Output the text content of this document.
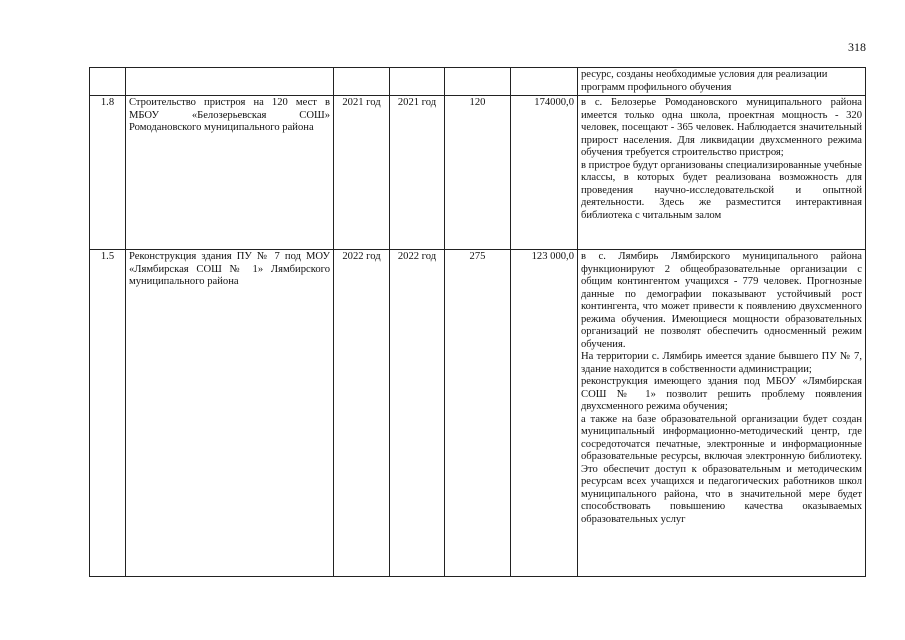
318

						ресурс, созданы необходимые условия для реализации
программ профильного обучения

1.8	Строительство пристроя на 120 мест в МБОУ «Белозерьевская СОШ» Ромодановского муниципального района	2021 год	2021 год	120	174000,0	в с. Белозерье Ромодановского муниципального района имеется только одна школа, проектная мощность - 320 человек, посещают - 365 человек. Наблюдается значительный прирост населения. Для ликвидации двухсменного режима обучения требуется строительство пристроя;
в пристрое будут организованы специализированные учебные классы, в которых будет реализована возможность для проведения научно-исследовательской и опытной деятельности. Здесь же разместится интерактивная библиотека с читальным залом

1.5	Реконструкция здания ПУ № 7 под МОУ «Лямбирская СОШ № 1» Лямбирского муниципального района	2022 год	2022 год	275	123 000,0	в с. Лямбирь Лямбирского муниципального района функционируют 2 общеобразовательные организации с общим контингентом учащихся - 779 человек. Прогнозные данные по демографии показывают устойчивый рост контингента, что может привести к появлению двухсменного режима обучения. Имеющиеся мощности образовательных организаций не позволят обеспечить односменный режим обучения.
На территории с. Лямбирь имеется здание бывшего ПУ № 7, здание находится в собственности администрации;
реконструкция имеющего здания под МБОУ «Лямбирская СОШ № 1» позволит решить проблему появления двухсменного режима обучения;
а также на базе образовательной организации будет создан муниципальный информационно-методический центр, где сосредоточатся печатные, электронные и информационные образовательные ресурсы, включая электронную библиотеку. Это обеспечит доступ к образовательным и методическим ресурсам всех учащихся и педагогических работников школ муниципального района, что в значительной мере будет способствовать повышению качества оказываемых образовательных услуг
